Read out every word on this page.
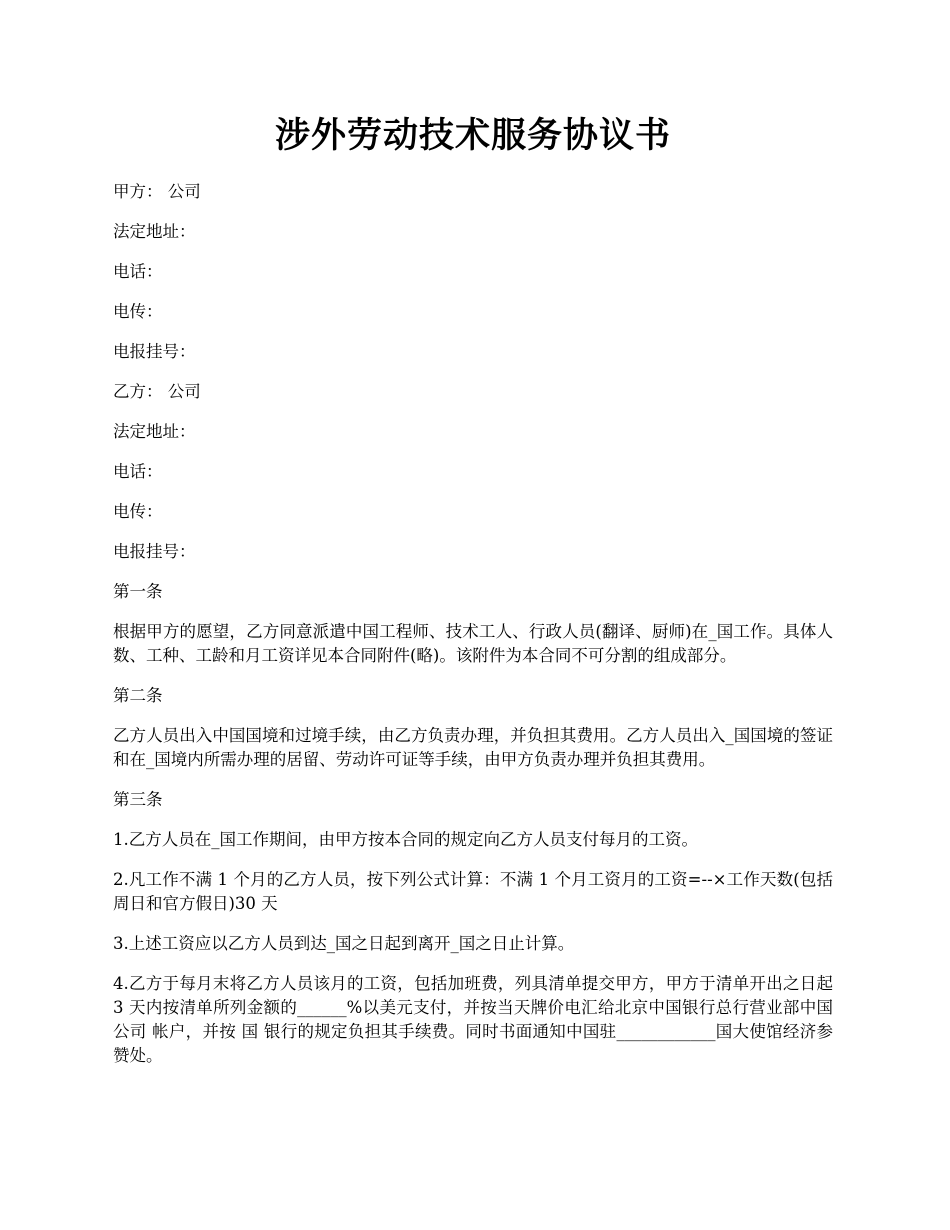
涉外劳动技术服务协议书

甲方： 公司

法定地址：

电话：

电传：

电报挂号：

乙方： 公司

法定地址：

电话：

电传：

电报挂号：

第一条

根据甲方的愿望，乙方同意派遣中国工程师、技术工人、行政人员(翻译、厨师)在_国工作。具体人数、工种、工龄和月工资详见本合同附件(略)。该附件为本合同不可分割的组成部分。

第二条

乙方人员出入中国国境和过境手续，由乙方负责办理，并负担其费用。乙方人员出入_国国境的签证和在_国境内所需办理的居留、劳动许可证等手续，由甲方负责办理并负担其费用。

第三条

1.乙方人员在_国工作期间，由甲方按本合同的规定向乙方人员支付每月的工资。

2.凡工作不满 1 个月的乙方人员，按下列公式计算：不满 1 个月工资月的工资=--×工作天数(包括周日和官方假日)30 天

3.上述工资应以乙方人员到达_国之日起到离开_国之日止计算。

4.乙方于每月末将乙方人员该月的工资，包括加班费，列具清单提交甲方，甲方于清单开出之日起 3 天内按清单所列金额的______%以美元支付，并按当天牌价电汇给北京中国银行总行营业部中国 公司 帐户，并按 国 银行的规定负担其手续费。同时书面通知中国驻____________国大使馆经济参赞处。
